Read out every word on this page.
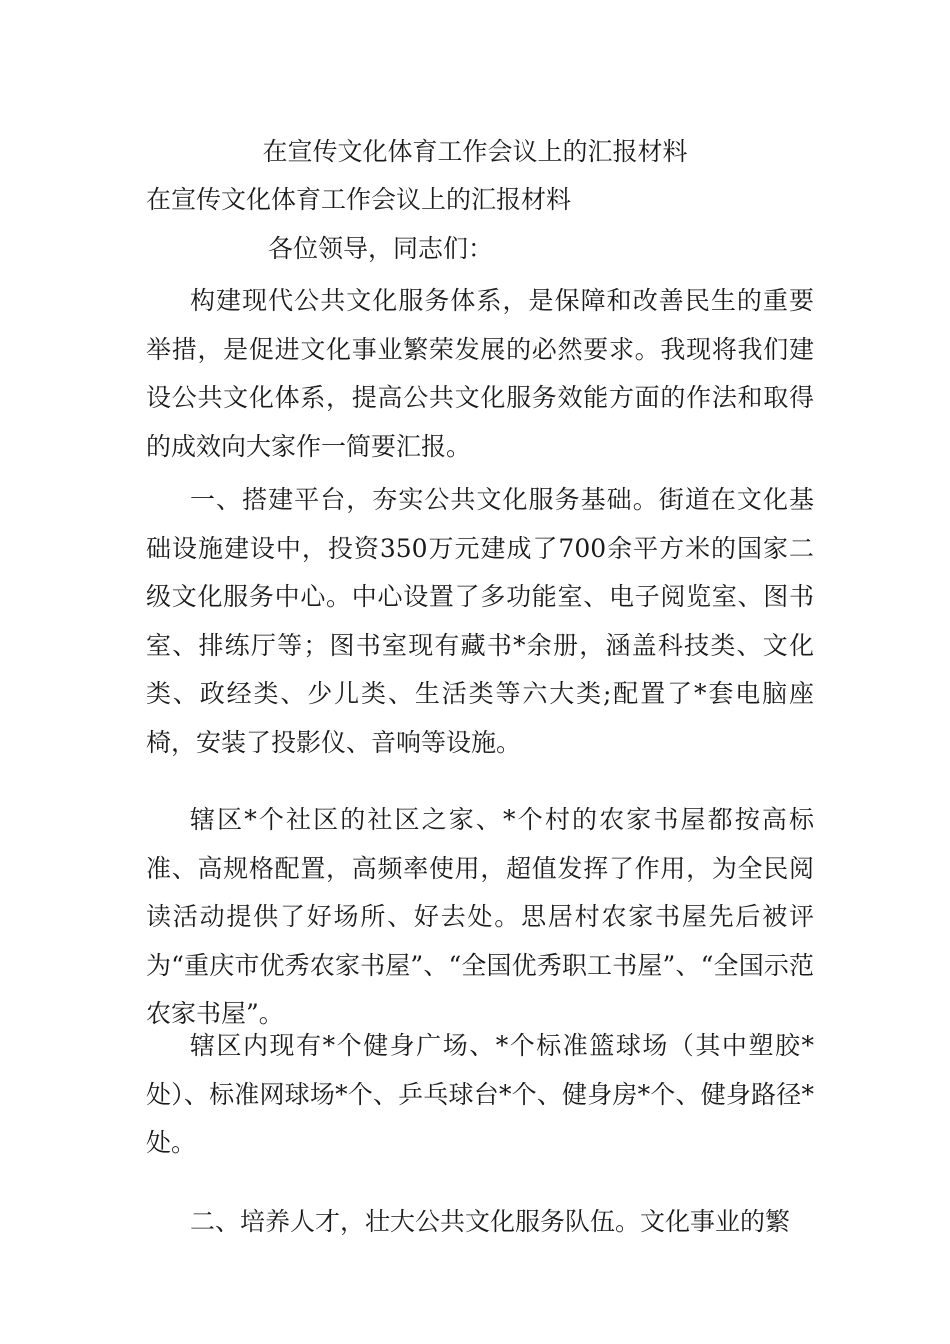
在宣传文化体育工作会议上的汇报材料
在宣传文化体育工作会议上的汇报材料
各位领导，同志们：

构建现代公共文化服务体系，是保障和改善民生的重要举措，是促进文化事业繁荣发展的必然要求。我现将我们建设公共文化体系，提高公共文化服务效能方面的作法和取得的成效向大家作一简要汇报。

一、搭建平台，夯实公共文化服务基础。街道在文化基础设施建设中，投资350万元建成了700余平方米的国家二级文化服务中心。中心设置了多功能室、电子阅览室、图书室、排练厅等；图书室现有藏书*余册，涵盖科技类、文化类、政经类、少儿类、生活类等六大类;配置了*套电脑座椅，安装了投影仪、音响等设施。

辖区*个社区的社区之家、*个村的农家书屋都按高标准、高规格配置，高频率使用，超值发挥了作用，为全民阅读活动提供了好场所、好去处。思居村农家书屋先后被评为“重庆市优秀农家书屋”、“全国优秀职工书屋”、“全国示范农家书屋”。

辖区内现有*个健身广场、*个标准篮球场（其中塑胶*处）、标准网球场*个、乒乓球台*个、健身房*个、健身路径*处。

二、培养人才，壮大公共文化服务队伍。文化事业的繁
